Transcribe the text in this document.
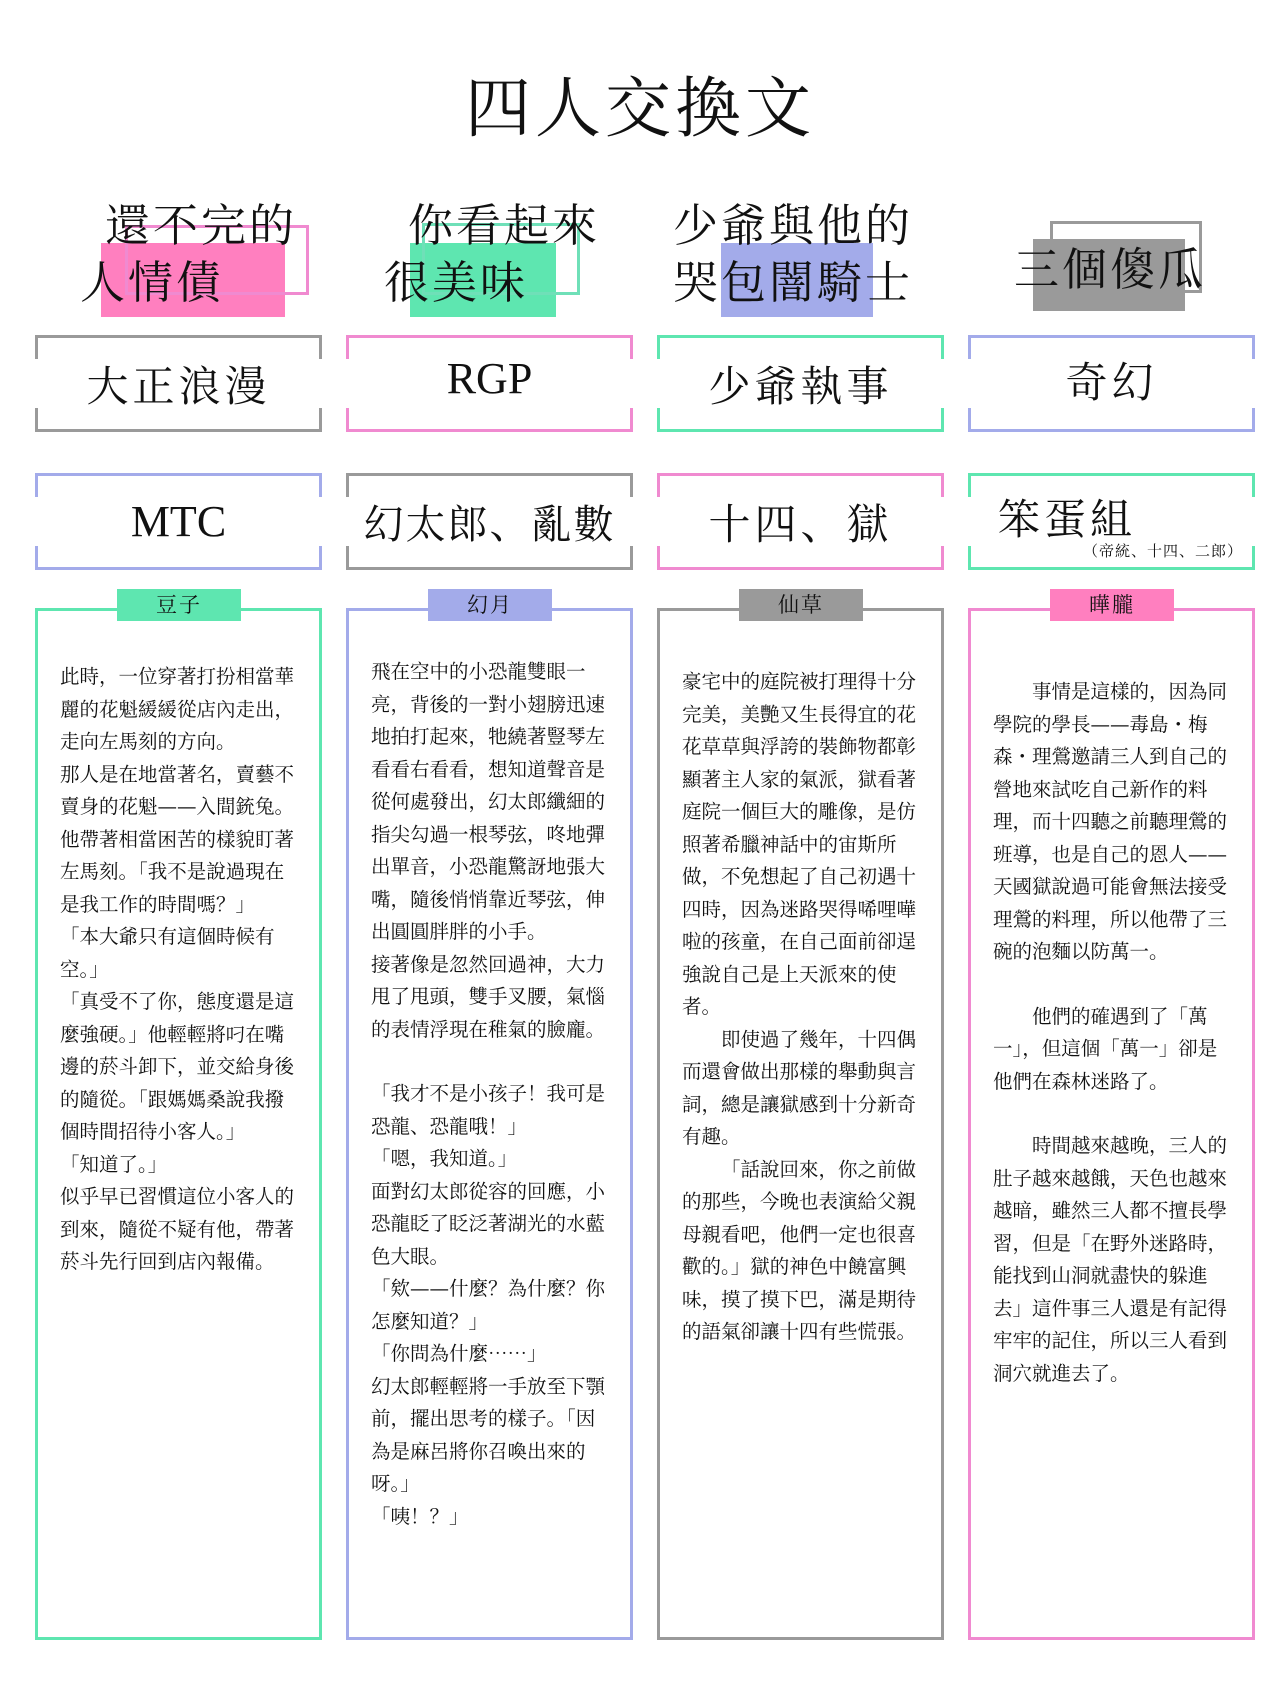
四人交換文
還不完的
人情債
大正浪漫
MTC

此時，一位穿著打扮相當華麗的花魁緩緩從店內走出，走向左馬刻的方向。

那人是在地當著名，賣藝不賣身的花魁——入間銃兔。

他帶著相當困苦的樣貌盯著左馬刻。「我不是說過現在是我工作的時間嗎？」

「本大爺只有這個時候有空。」

「真受不了你，態度還是這麼強硬。」他輕輕將叼在嘴邊的菸斗卸下，並交給身後的隨從。「跟媽媽桑說我撥個時間招待小客人。」

「知道了。」

似乎早已習慣這位小客人的到來，隨從不疑有他，帶著菸斗先行回到店內報備。

豆子
你看起來
很美味
RGP
幻太郎、亂數

飛在空中的小恐龍雙眼一亮，背後的一對小翅膀迅速地拍打起來，牠繞著豎琴左看看右看看，想知道聲音是從何處發出，幻太郎纖細的指尖勾過一根琴弦，咚地彈出單音，小恐龍驚訝地張大嘴，隨後悄悄靠近琴弦，伸出圓圓胖胖的小手。

接著像是忽然回過神，大力甩了甩頭，雙手叉腰，氣惱的表情浮現在稚氣的臉龐。

「我才不是小孩子！我可是恐龍、恐龍哦！」

「嗯，我知道。」

面對幻太郎從容的回應，小恐龍眨了眨泛著湖光的水藍色大眼。

「欸——什麼？為什麼？你怎麼知道？」

「你問為什麼⋯⋯」

幻太郎輕輕將一手放至下顎前，擺出思考的樣子。「因為是麻呂將你召喚出來的呀。」

「咦！？」

幻月
少爺與他的
哭包闇騎士
少爺執事
十四、獄

豪宅中的庭院被打理得十分完美，美艷又生長得宜的花花草草與浮誇的裝飾物都彰顯著主人家的氣派，獄看著庭院一個巨大的雕像，是仿照著希臘神話中的宙斯所做，不免想起了自己初遇十四時，因為迷路哭得唏哩嘩啦的孩童，在自己面前卻逞強說自己是上天派來的使者。

即使過了幾年，十四偶而還會做出那樣的舉動與言詞，總是讓獄感到十分新奇有趣。

「話說回來，你之前做的那些，今晚也表演給父親母親看吧，他們一定也很喜歡的。」獄的神色中饒富興味，摸了摸下巴，滿是期待的語氣卻讓十四有些慌張。

仙草
三個傻瓜
奇幻
笨蛋組
（帝統、十四、二郎）

事情是這樣的，因為同學院的學長——毒島・梅森・理鶯邀請三人到自己的營地來試吃自己新作的料理，而十四聽之前聽理鶯的班導，也是自己的恩人——天國獄說過可能會無法接受理鶯的料理，所以他帶了三碗的泡麵以防萬一。

他們的確遇到了「萬一」，但這個「萬一」卻是他們在森林迷路了。

時間越來越晚，三人的肚子越來越餓，天色也越來越暗，雖然三人都不擅長學習，但是「在野外迷路時，能找到山洞就盡快的躲進去」這件事三人還是有記得牢牢的記住，所以三人看到洞穴就進去了。

曄朧
